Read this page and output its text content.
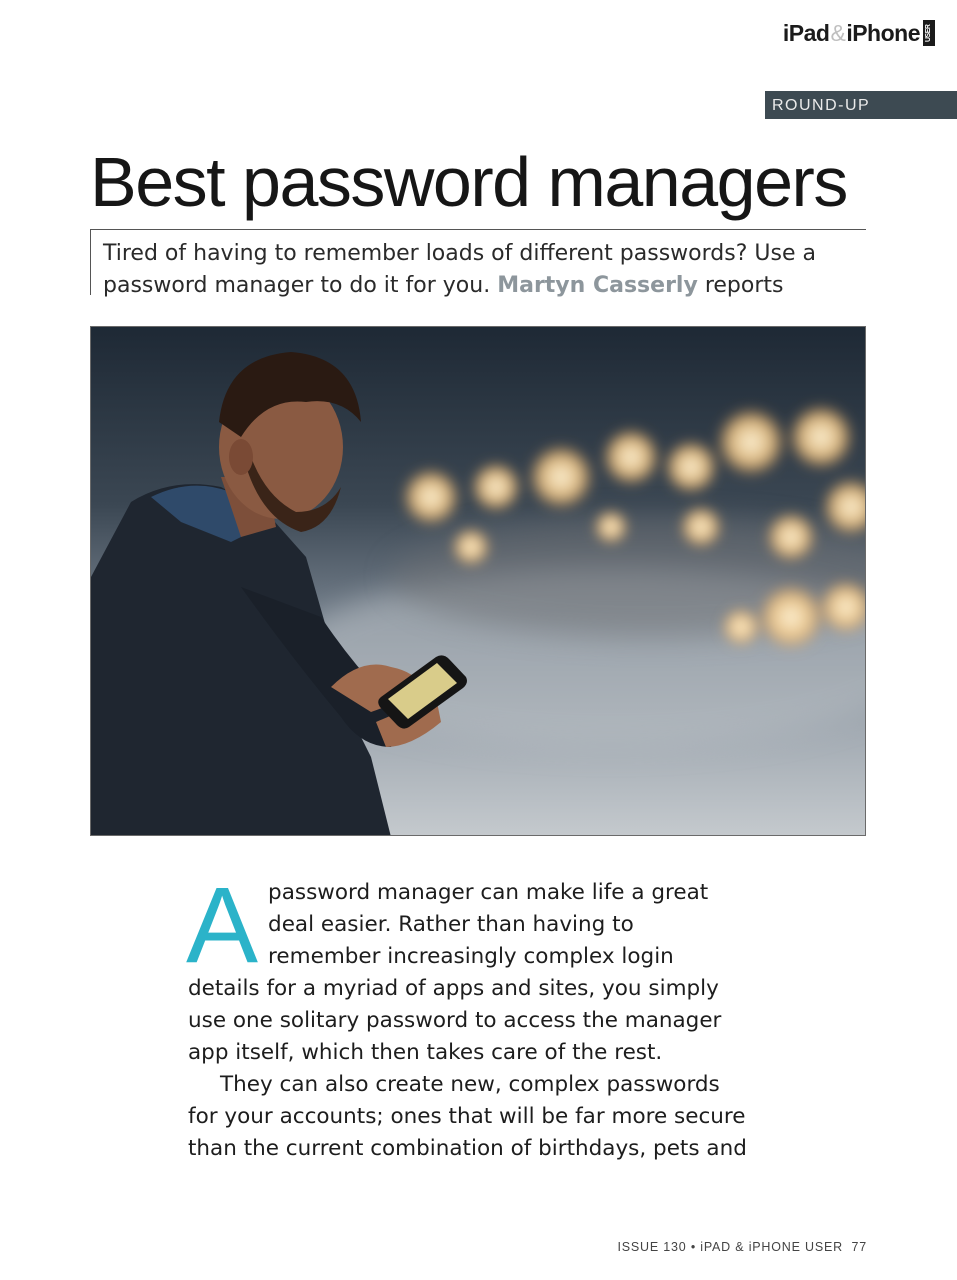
iPad & iPhone USER
ROUND-UP
Best password managers

Tired of having to remember loads of different passwords? Use a password manager to do it for you. Martyn Casserly reports

Apassword manager can make life a great deal easier. Rather than having to remember increasingly complex login details for a myriad of apps and sites, you simply use one solitary password to access the manager app itself, which then takes care of the rest.

They can also create new, complex passwords for your accounts; ones that will be far more secure than the current combination of birthdays, pets and

ISSUE 130 • iPAD & iPHONE USER 77
